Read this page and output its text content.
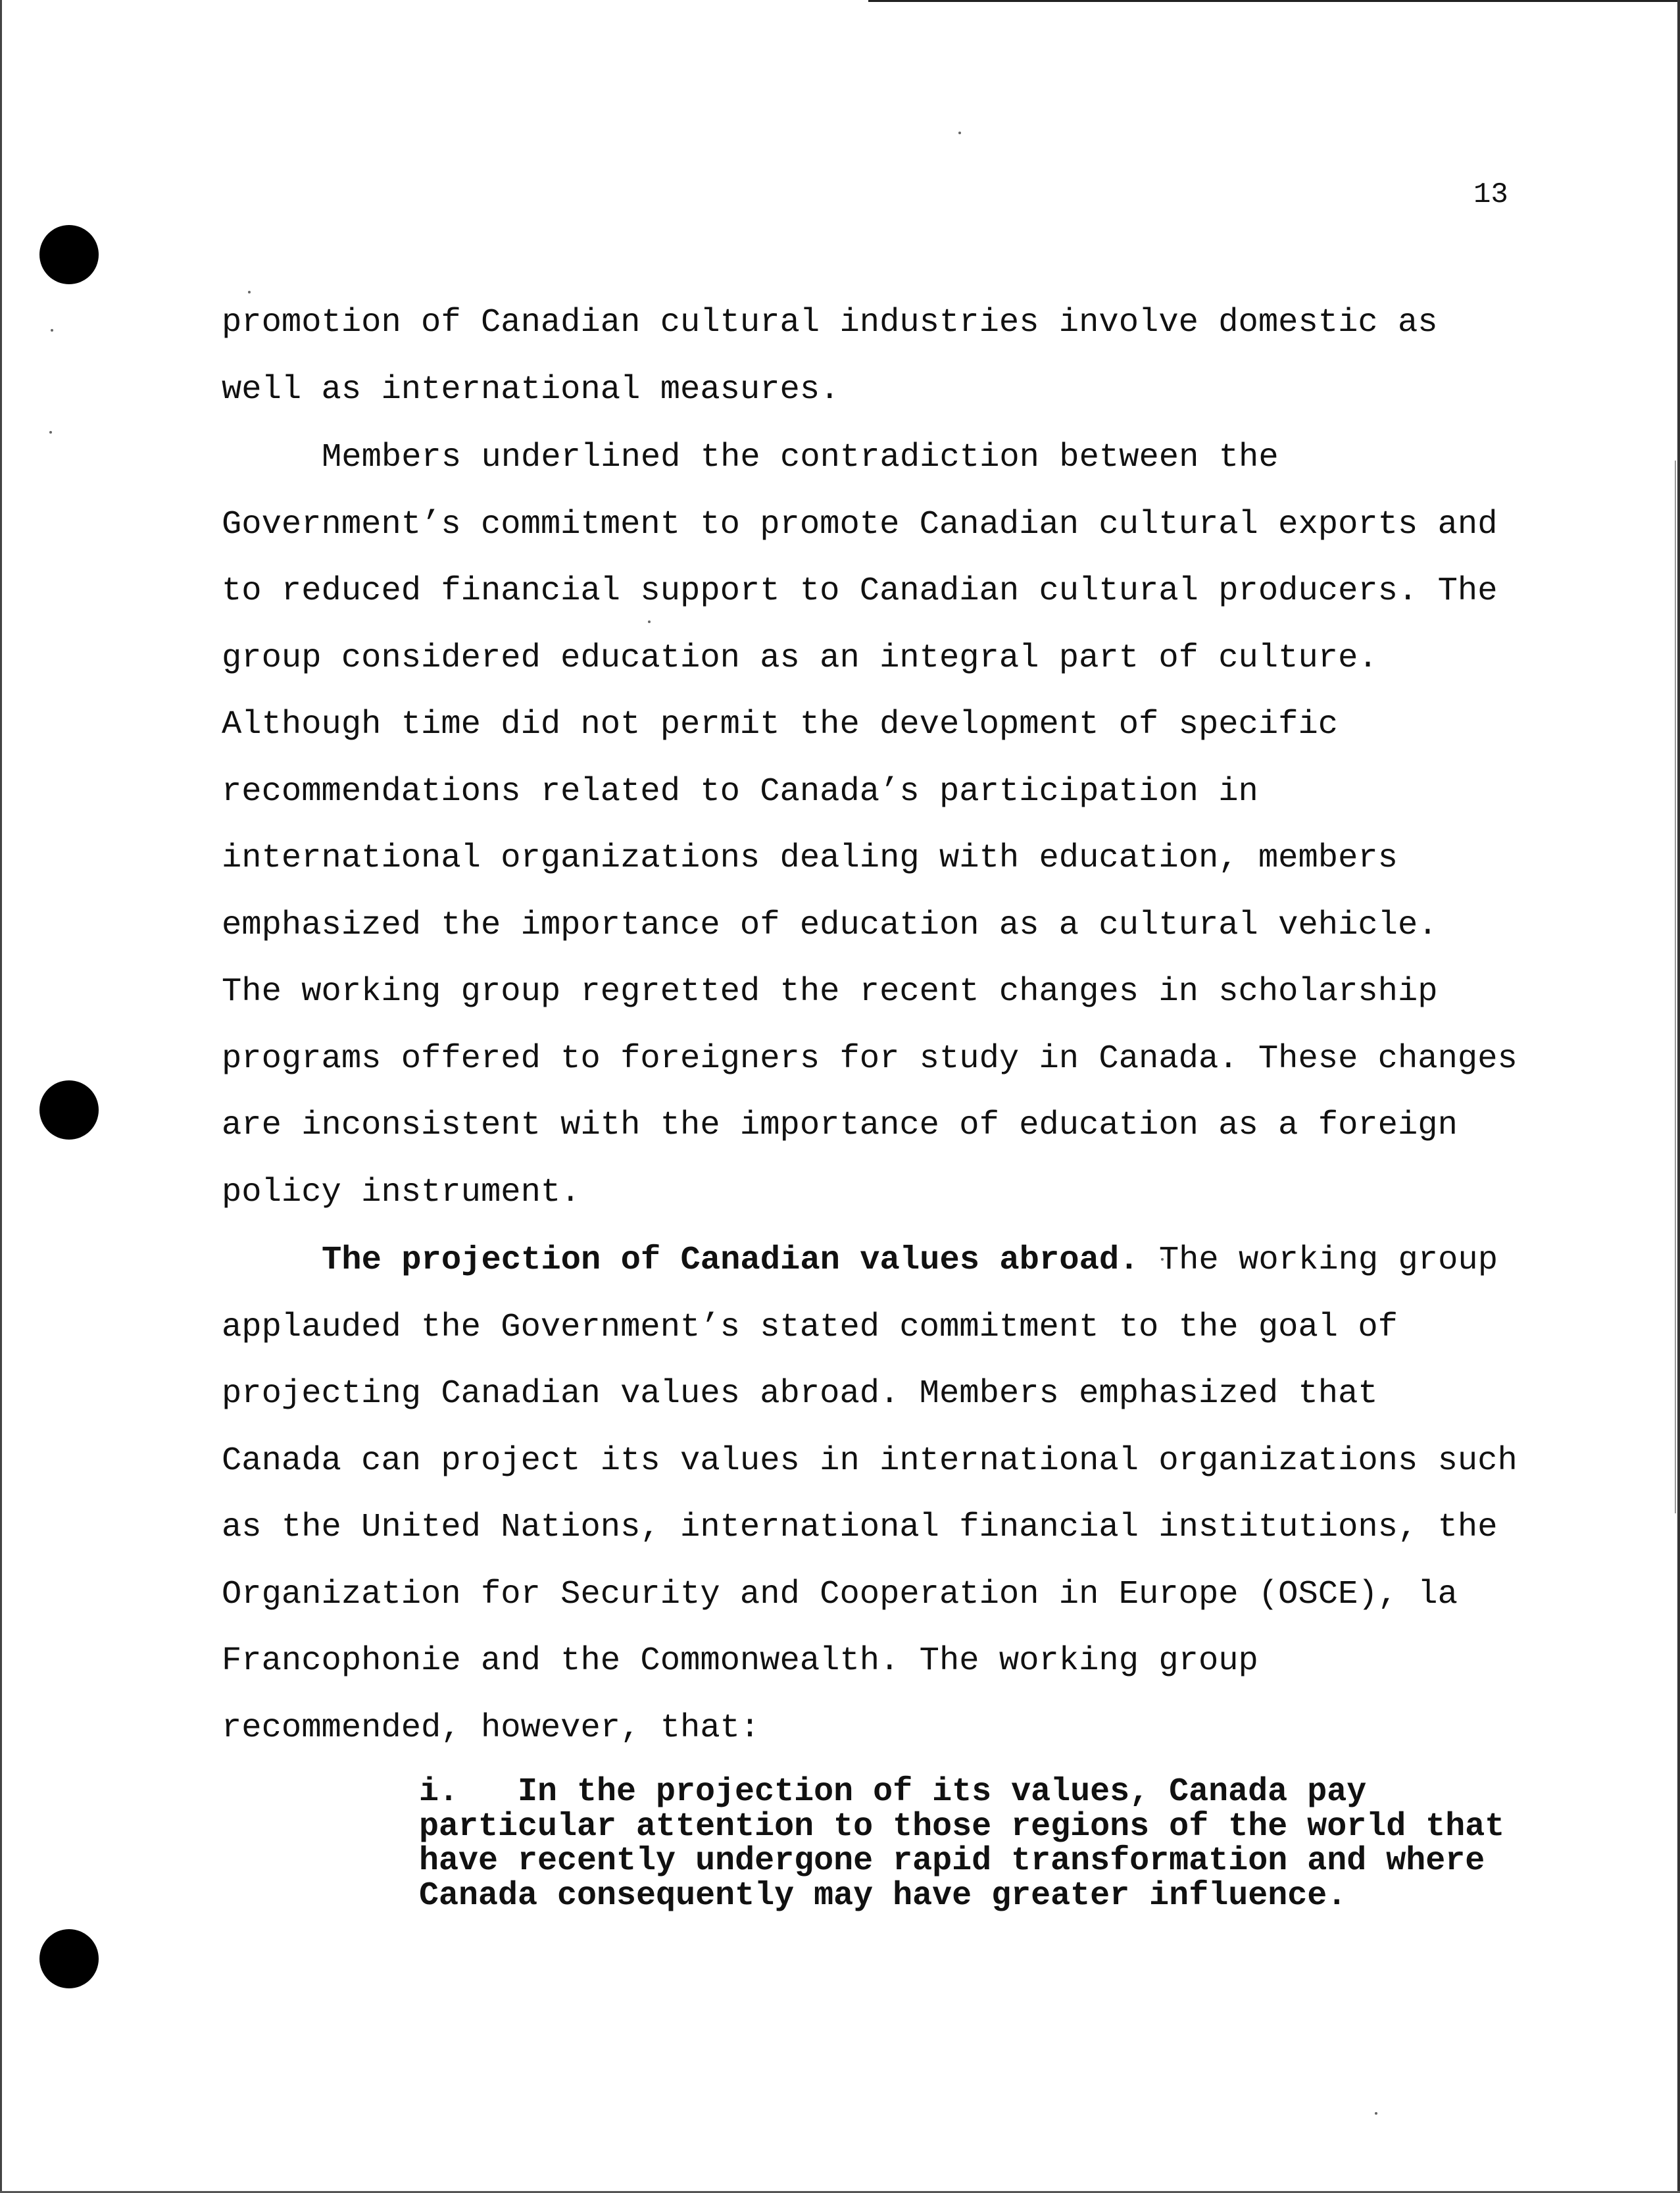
13
promotion of Canadian cultural industries involve domestic as
well as international measures.
Members underlined the contradiction between the
Government’s commitment to promote Canadian cultural exports and
to reduced financial support to Canadian cultural producers. The
group considered education as an integral part of culture.
Although time did not permit the development of specific
recommendations related to Canada’s participation in
international organizations dealing with education, members
emphasized the importance of education as a cultural vehicle.
The working group regretted the recent changes in scholarship
programs offered to foreigners for study in Canada. These changes
are inconsistent with the importance of education as a foreign
policy instrument.
The projection of Canadian values abroad. The working group
applauded the Government’s stated commitment to the goal of
projecting Canadian values abroad. Members emphasized that
Canada can project its values in international organizations such
as the United Nations, international financial institutions, the
Organization for Security and Cooperation in Europe (OSCE), la
Francophonie and the Commonwealth. The working group
recommended, however, that:
i. In the projection of its values, Canada pay
particular attention to those regions of the world that
have recently undergone rapid transformation and where
Canada consequently may have greater influence.
